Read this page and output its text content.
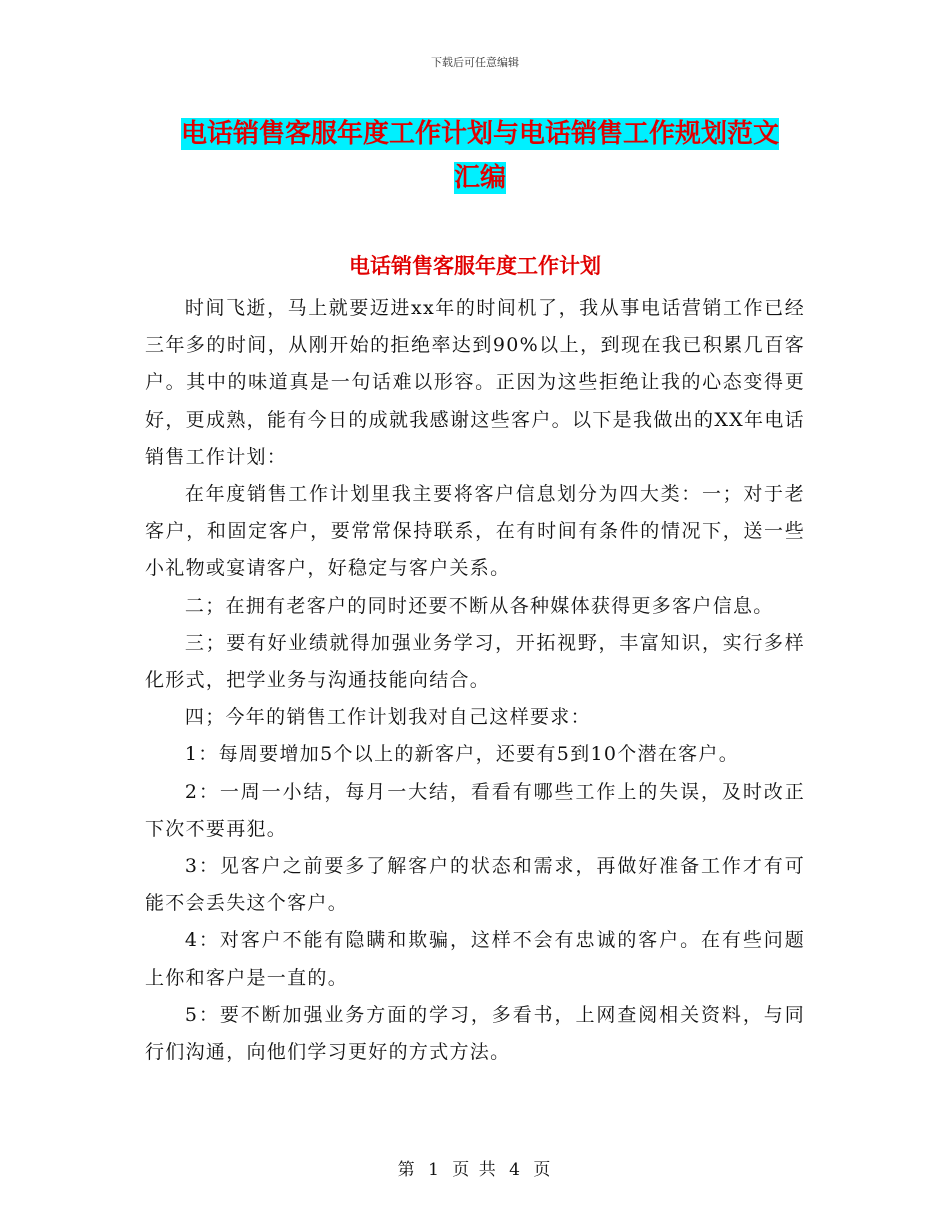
下载后可任意编辑
电话销售客服年度工作计划与电话销售工作规划范文
汇编
电话销售客服年度工作计划

时间飞逝，马上就要迈进xx年的时间机了，我从事电话营销工作已经三年多的时间，从刚开始的拒绝率达到90%以上，到现在我已积累几百客户。其中的味道真是一句话难以形容。正因为这些拒绝让我的心态变得更好，更成熟，能有今日的成就我感谢这些客户。以下是我做出的XX年电话销售工作计划：

在年度销售工作计划里我主要将客户信息划分为四大类：一；对于老客户，和固定客户，要常常保持联系，在有时间有条件的情况下，送一些小礼物或宴请客户，好稳定与客户关系。

二；在拥有老客户的同时还要不断从各种媒体获得更多客户信息。

三；要有好业绩就得加强业务学习，开拓视野，丰富知识，实行多样化形式，把学业务与沟通技能向结合。

四；今年的销售工作计划我对自己这样要求：

1：每周要增加5个以上的新客户，还要有5到10个潜在客户。

2：一周一小结，每月一大结，看看有哪些工作上的失误，及时改正下次不要再犯。

3：见客户之前要多了解客户的状态和需求，再做好准备工作才有可能不会丢失这个客户。

4：对客户不能有隐瞒和欺骗，这样不会有忠诚的客户。在有些问题上你和客户是一直的。

5：要不断加强业务方面的学习，多看书，上网查阅相关资料，与同行们沟通，向他们学习更好的方式方法。

第 1 页 共 4 页
